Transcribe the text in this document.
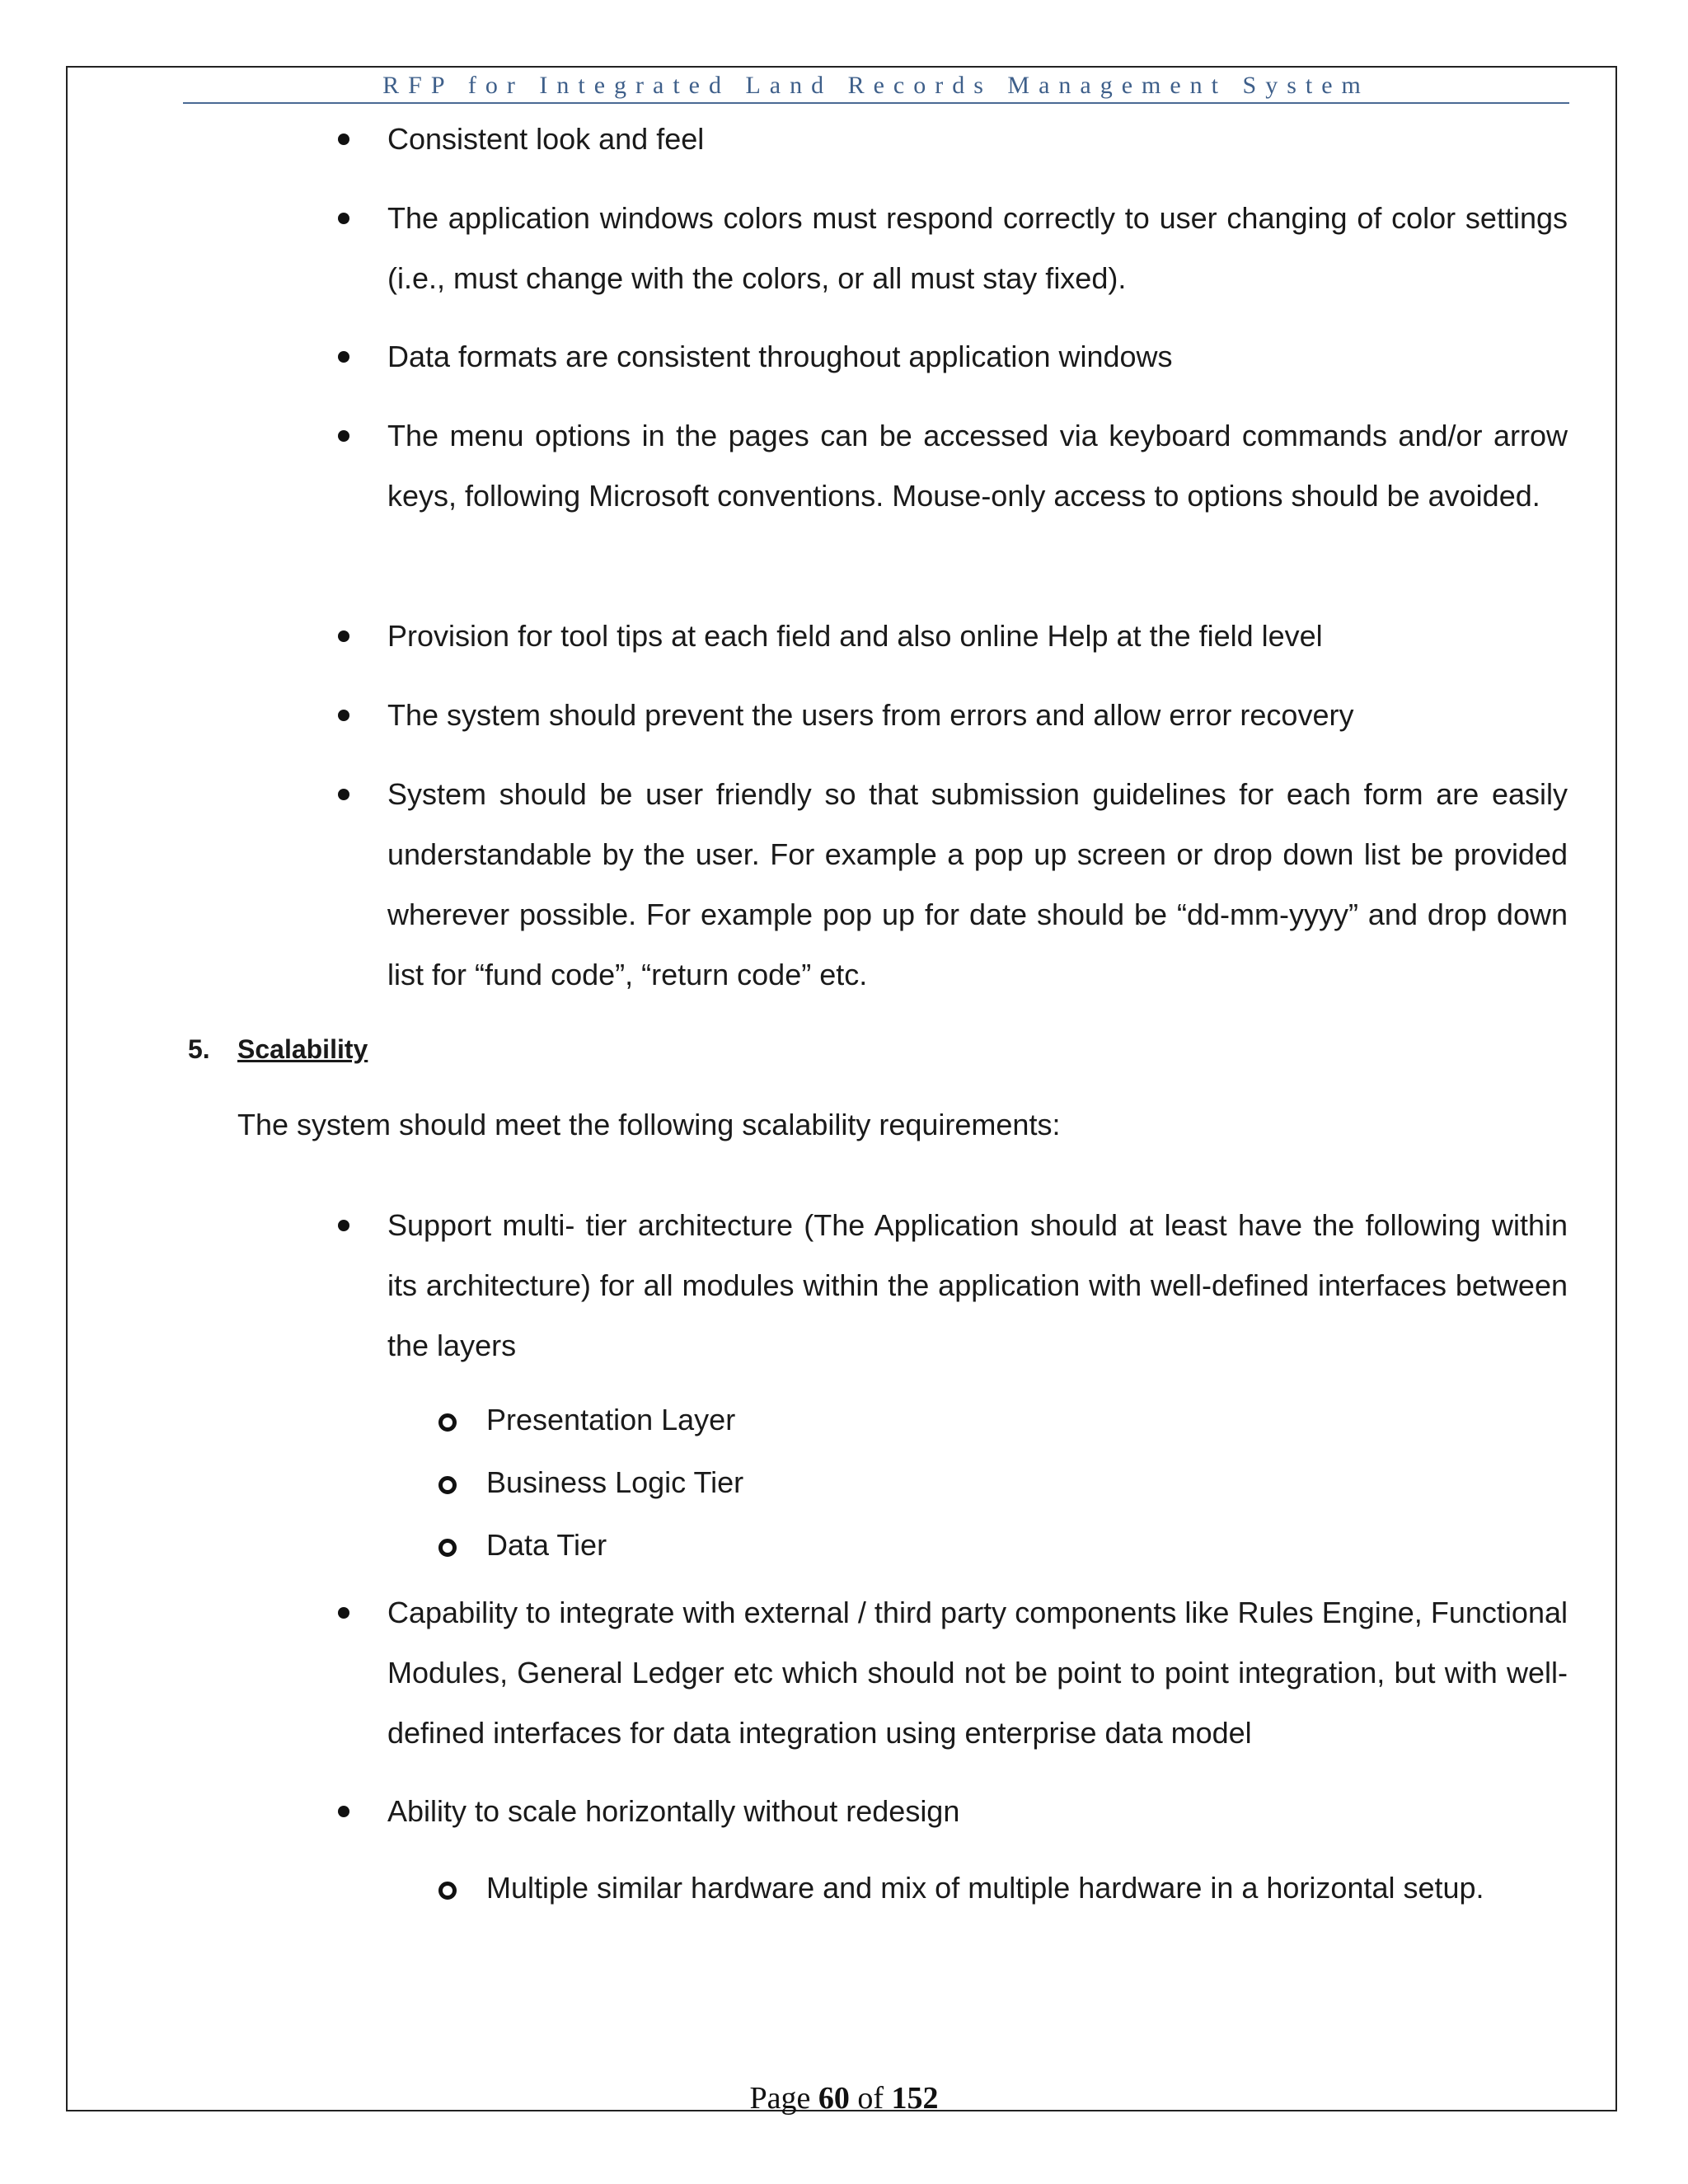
RFP for Integrated Land Records Management System
Consistent look and feel
The application windows colors must respond correctly to user changing of color settings (i.e., must change with the colors, or all must stay fixed).
Data formats are consistent throughout application windows
The menu options in the pages can be accessed via keyboard commands and/or arrow keys, following Microsoft conventions. Mouse-only access to options should be avoided.
Provision for tool tips at each field and also online Help at the field level
The system should prevent the users from errors and allow error recovery
System should be user friendly so that submission guidelines for each form are easily understandable by the user. For example a pop up screen or drop down list be provided wherever possible. For example pop up for date should be “dd-mm-yyyy” and drop down list for “fund code”, “return code” etc.
5. Scalability
The system should meet the following scalability requirements:
Support multi- tier architecture (The Application should at least have the following within its architecture) for all modules within the application with well-defined interfaces between the layers
Presentation Layer
Business Logic Tier
Data Tier
Capability to integrate with external / third party components like Rules Engine, Functional Modules, General Ledger etc which should not be point to point integration, but with well-defined interfaces for data integration using enterprise data model
Ability to scale horizontally without redesign
Multiple similar hardware and mix of multiple hardware in a horizontal setup.
Page 60 of 152
